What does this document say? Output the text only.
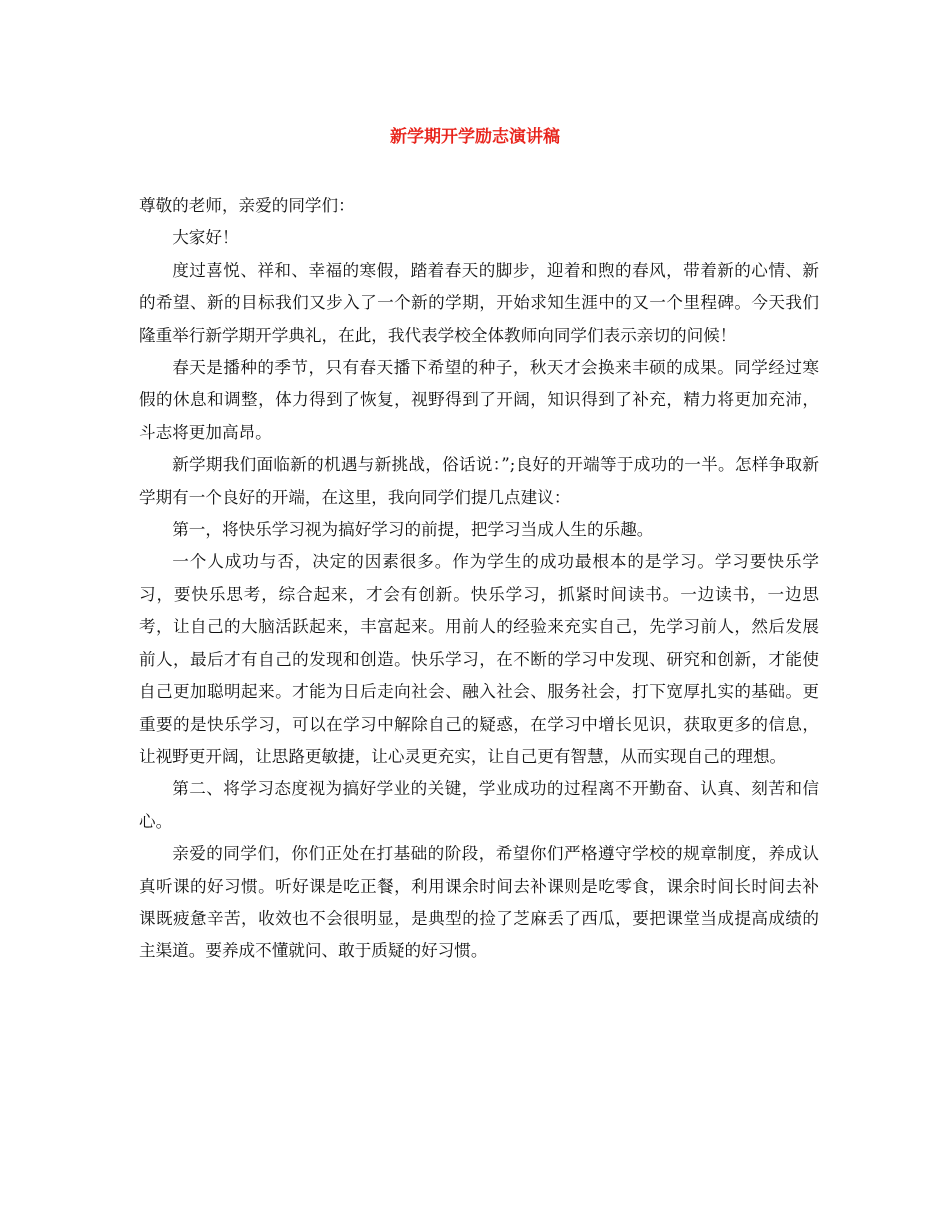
新学期开学励志演讲稿

尊敬的老师，亲爱的同学们：

大家好！

度过喜悦、祥和、幸福的寒假，踏着春天的脚步，迎着和煦的春风，带着新的心情、新的希望、新的目标我们又步入了一个新的学期，开始求知生涯中的又一个里程碑。今天我们隆重举行新学期开学典礼，在此，我代表学校全体教师向同学们表示亲切的问候！

春天是播种的季节，只有春天播下希望的种子，秋天才会换来丰硕的成果。同学经过寒假的休息和调整，体力得到了恢复，视野得到了开阔，知识得到了补充，精力将更加充沛，斗志将更加高昂。

新学期我们面临新的机遇与新挑战，俗话说：”;良好的开端等于成功的一半。怎样争取新学期有一个良好的开端，在这里，我向同学们提几点建议：

第一，将快乐学习视为搞好学习的前提，把学习当成人生的乐趣。

一个人成功与否，决定的因素很多。作为学生的成功最根本的是学习。学习要快乐学习，要快乐思考，综合起来，才会有创新。快乐学习，抓紧时间读书。一边读书，一边思考，让自己的大脑活跃起来，丰富起来。用前人的经验来充实自己，先学习前人，然后发展前人，最后才有自己的发现和创造。快乐学习，在不断的学习中发现、研究和创新，才能使自己更加聪明起来。才能为日后走向社会、融入社会、服务社会，打下宽厚扎实的基础。更重要的是快乐学习，可以在学习中解除自己的疑惑，在学习中增长见识，获取更多的信息，让视野更开阔，让思路更敏捷，让心灵更充实，让自己更有智慧，从而实现自己的理想。

第二、将学习态度视为搞好学业的关键，学业成功的过程离不开勤奋、认真、刻苦和信心。

亲爱的同学们，你们正处在打基础的阶段，希望你们严格遵守学校的规章制度，养成认真听课的好习惯。听好课是吃正餐，利用课余时间去补课则是吃零食，课余时间长时间去补课既疲惫辛苦，收效也不会很明显，是典型的捡了芝麻丢了西瓜，要把课堂当成提高成绩的主渠道。要养成不懂就问、敢于质疑的好习惯。
